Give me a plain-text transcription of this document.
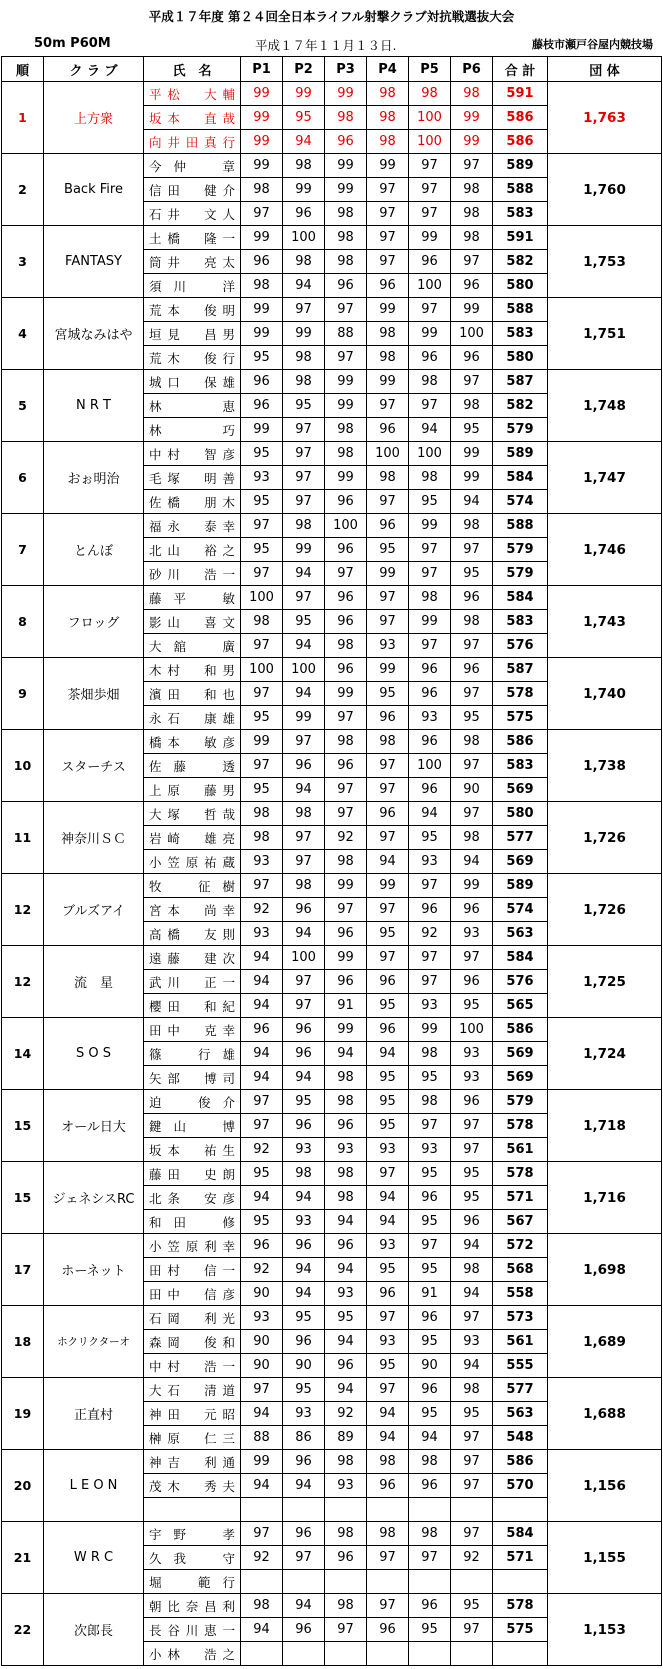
平成１７年度 第２４回全日本ライフル射撃クラブ対抗戦選抜大会
50m P60M	平成１７年１１月１３日.	藤枝市瀬戸谷屋内競技場
順	ク ラ ブ	氏　名	P1	P2	P3	P4	P5	P6	合 計	団 体
1	上方衆	平松　大輔	99	99	99	98	98	98	591	1,763
		坂本　直哉	99	95	98	98	100	99	586	
		向井田真行	99	94	96	98	100	99	586	
2	Back Fire	今仲　章	99	98	99	99	97	97	589	1,760
		信田　健介	98	99	99	97	97	98	588	
		石井　文人	97	96	98	97	97	98	583	
3	FANTASY	土橋　隆一	99	100	98	97	99	98	591	1,753
		筒井　亮太	96	98	98	97	96	97	582	
		須川　洋	98	94	96	96	100	96	580	
4	宮城なみはや	荒本　俊明	99	97	97	99	97	99	588	1,751
		垣見　昌男	99	99	88	98	99	100	583	
		荒木　俊行	95	98	97	98	96	96	580	
5	N R T	城口　保雄	96	98	99	99	98	97	587	1,748
		林　恵	96	95	99	97	97	98	582	
		林　巧	99	97	98	96	94	95	579	
6	おぉ明治	中村　智彦	95	97	98	100	100	99	589	1,747
		毛塚　明善	93	97	99	98	98	99	584	
		佐橋　朋木	95	97	96	97	95	94	574	
7	とんぼ	福永　泰幸	97	98	100	96	99	98	588	1,746
		北山　裕之	95	99	96	95	97	97	579	
		砂川　浩一	97	94	97	99	97	95	579	
8	フロッグ	藤平　敏	100	97	96	97	98	96	584	1,743
		影山　喜文	98	95	96	97	99	98	583	
		大舘　廣	97	94	98	93	97	97	576	
9	茶畑歩畑	木村　和男	100	100	96	99	96	96	587	1,740
		濱田　和也	97	94	99	95	96	97	578	
		永石　康雄	95	99	97	96	93	95	575	
10	スターチス	橋本　敏彦	99	97	98	98	96	98	586	1,738
		佐藤　透	97	96	96	97	100	97	583	
		上原　藤男	95	94	97	97	96	90	569	
11	神奈川ＳＣ	大塚　哲哉	98	98	97	96	94	97	580	1,726
		岩崎　雄亮	98	97	92	97	95	98	577	
		小笠原祐蔵	93	97	98	94	93	94	569	
12	ブルズアイ	牧　征樹	97	98	99	99	97	99	589	1,726
		宮本　尚幸	92	96	97	97	96	96	574	
		高橋　友則	93	94	96	95	92	93	563	
12	流　星	遠藤　建次	94	100	99	97	97	97	584	1,725
		武川　正一	94	97	96	96	97	96	576	
		櫻田　和紀	94	97	91	95	93	95	565	
14	S O S	田中　克幸	96	96	99	96	99	100	586	1,724
		篠　行雄	94	96	94	94	98	93	569	
		矢部　博司	94	94	98	95	95	93	569	
15	オール日大	迫　俊介	97	95	98	95	98	96	579	1,718
		鍵山　博	97	96	96	95	97	97	578	
		坂本　祐生	92	93	93	93	93	97	561	
15	ジェネシスRC	藤田　史朗	95	98	98	97	95	95	578	1,716
		北条　安彦	94	94	98	94	96	95	571	
		和田　修	95	93	94	94	95	96	567	
17	ホーネット	小笠原利幸	96	96	96	93	97	94	572	1,698
		田村　信一	92	94	94	95	95	98	568	
		田中　信彦	90	94	93	96	91	94	558	
18	ホクリクターオ	石岡　利光	93	95	95	97	96	97	573	1,689
		森岡　俊和	90	96	94	93	95	93	561	
		中村　浩一	90	90	96	95	90	94	555	
19	正直村	大石　清道	97	95	94	97	96	98	577	1,688
		神田　元昭	94	93	92	94	95	95	563	
		榊原　仁三	88	86	89	94	94	97	548	
20	L E O N	神吉　利通	99	96	98	98	98	97	586	1,156
		茂木　秀夫	94	94	93	96	96	97	570	

21	W R C	宇野　孝	97	96	98	98	98	97	584	1,155
		久我　守	92	97	96	97	97	92	571	
		堀　範行								
22	次郎長	朝比奈昌利	98	94	98	97	96	95	578	1,153
		長谷川恵一	94	96	97	96	95	97	575	
		小林　浩之								
